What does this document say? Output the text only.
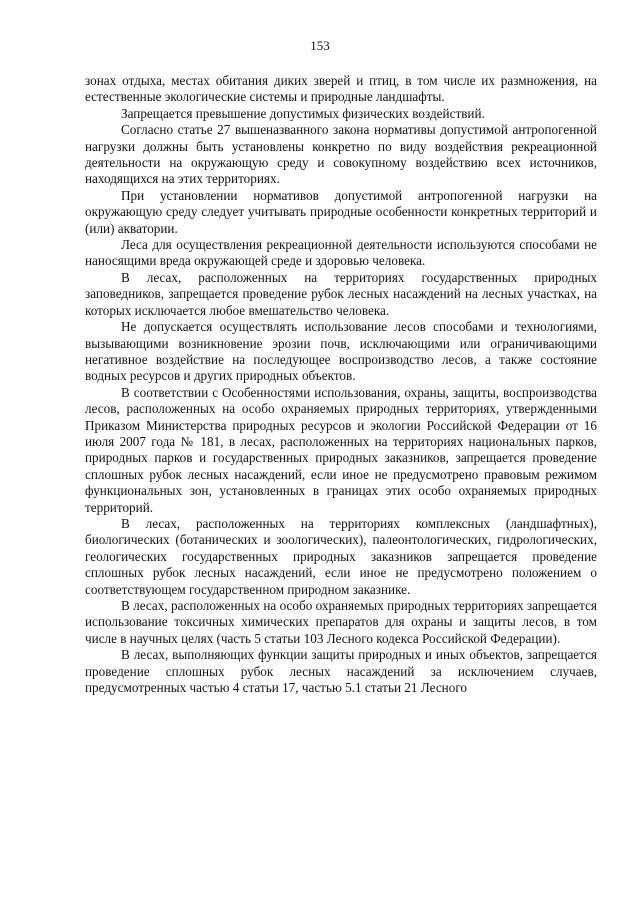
153

зонах отдыха, местах обитания диких зверей и птиц, в том числе их размножения, на естественные экологические системы и природные ландшафты.

Запрещается превышение допустимых физических воздействий.

Согласно статье 27 вышеназванного закона нормативы допустимой антропогенной нагрузки должны быть установлены конкретно по виду воздействия рекреационной деятельности на окружающую среду и совокупному воздействию всех источников, находящихся на этих территориях.

При установлении нормативов допустимой антропогенной нагрузки на окружающую среду следует учитывать природные особенности конкретных территорий и (или) акватории.

Леса для осуществления рекреационной деятельности используются способами не наносящими вреда окружающей среде и здоровью человека.

В лесах, расположенных на территориях государственных природных заповедников, запрещается проведение рубок лесных насаждений на лесных участках, на которых исключается любое вмешательство человека.

Не допускается осуществлять использование лесов способами и технологиями, вызывающими возникновение эрозии почв, исключающими или ограничивающими негативное воздействие на последующее воспроизводство лесов, а также состояние водных ресурсов и других природных объектов.

В соответствии с Особенностями использования, охраны, защиты, воспроизводства лесов, расположенных на особо охраняемых природных территориях, утвержденными Приказом Министерства природных ресурсов и экологии Российской Федерации от 16 июля 2007 года № 181, в лесах, расположенных на территориях национальных парков, природных парков и государственных природных заказников, запрещается проведение сплошных рубок лесных насаждений, если иное не предусмотрено правовым режимом функциональных зон, установленных в границах этих особо охраняемых природных территорий.

В лесах, расположенных на территориях комплексных (ландшафтных), биологических (ботанических и зоологических), палеонтологических, гидрологических, геологических государственных природных заказников запрещается проведение сплошных рубок лесных насаждений, если иное не предусмотрено положением о соответствующем государственном природном заказнике.

В лесах, расположенных на особо охраняемых природных территориях запрещается использование токсичных химических препаратов для охраны и защиты лесов, в том числе в научных целях (часть 5 статьи 103 Лесного кодекса Российской Федерации).

В лесах, выполняющих функции защиты природных и иных объектов, запрещается проведение сплошных рубок лесных насаждений за исключением случаев, предусмотренных частью 4 статьи 17, частью 5.1 статьи 21 Лесного
